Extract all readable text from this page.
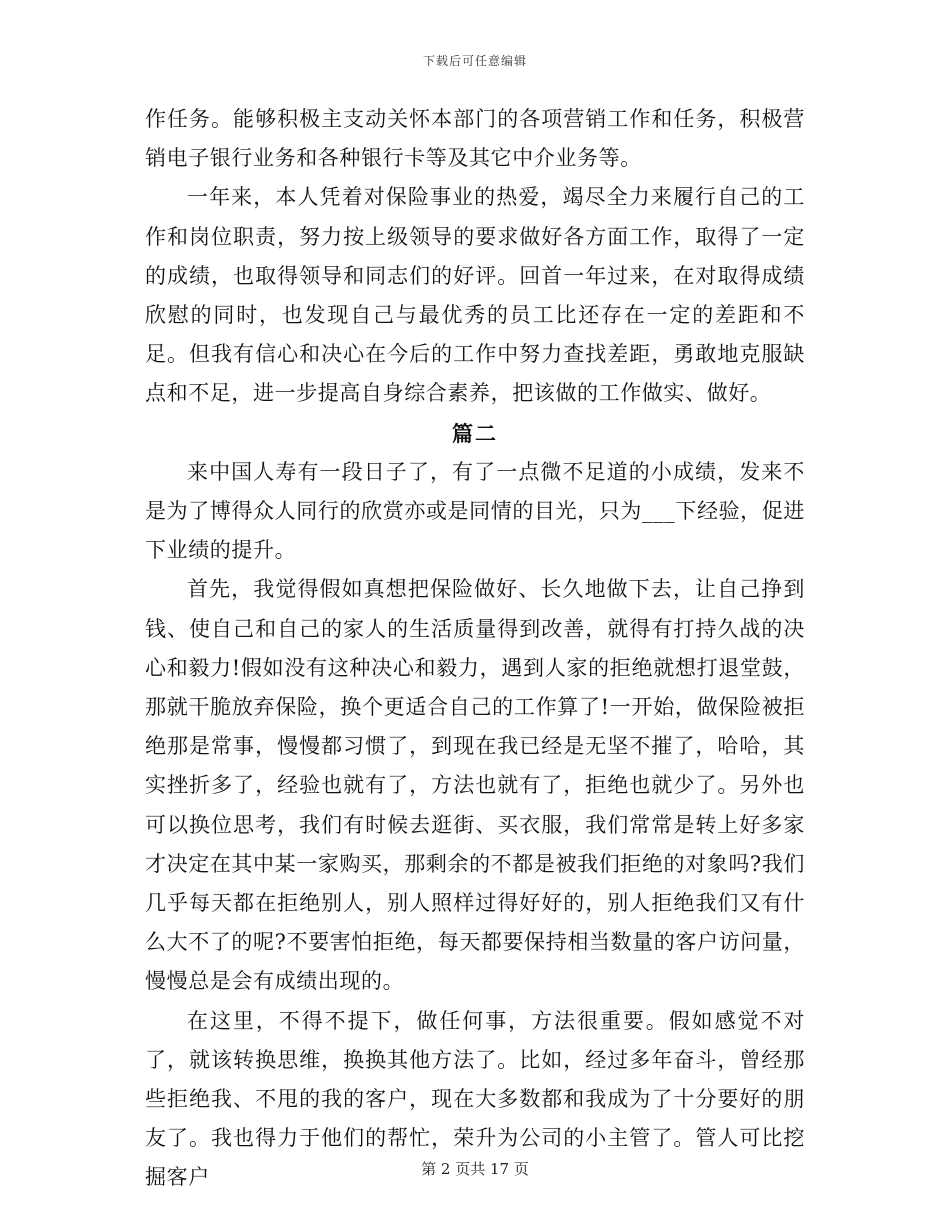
下载后可任意编辑

作任务。能够积极主支动关怀本部门的各项营销工作和任务，积极营销电子银行业务和各种银行卡等及其它中介业务等。

一年来，本人凭着对保险事业的热爱，竭尽全力来履行自己的工作和岗位职责，努力按上级领导的要求做好各方面工作，取得了一定的成绩，也取得领导和同志们的好评。回首一年过来，在对取得成绩欣慰的同时，也发现自己与最优秀的员工比还存在一定的差距和不足。但我有信心和决心在今后的工作中努力查找差距，勇敢地克服缺点和不足，进一步提高自身综合素养，把该做的工作做实、做好。

篇二

来中国人寿有一段日子了，有了一点微不足道的小成绩，发来不是为了博得众人同行的欣赏亦或是同情的目光，只为___下经验，促进下业绩的提升。

首先，我觉得假如真想把保险做好、长久地做下去，让自己挣到钱、使自己和自己的家人的生活质量得到改善，就得有打持久战的决心和毅力!假如没有这种决心和毅力，遇到人家的拒绝就想打退堂鼓，那就干脆放弃保险，换个更适合自己的工作算了!一开始，做保险被拒绝那是常事，慢慢都习惯了，到现在我已经是无坚不摧了，哈哈，其实挫折多了，经验也就有了，方法也就有了，拒绝也就少了。另外也可以换位思考，我们有时候去逛街、买衣服，我们常常是转上好多家才决定在其中某一家购买，那剩余的不都是被我们拒绝的对象吗?我们几乎每天都在拒绝别人，别人照样过得好好的，别人拒绝我们又有什么大不了的呢?不要害怕拒绝，每天都要保持相当数量的客户访问量，慢慢总是会有成绩出现的。

在这里，不得不提下，做任何事，方法很重要。假如感觉不对了，就该转换思维，换换其他方法了。比如，经过多年奋斗，曾经那些拒绝我、不甩的我的客户，现在大多数都和我成为了十分要好的朋友了。我也得力于他们的帮忙，荣升为公司的小主管了。管人可比挖掘客户	第 2 页共 17 页
